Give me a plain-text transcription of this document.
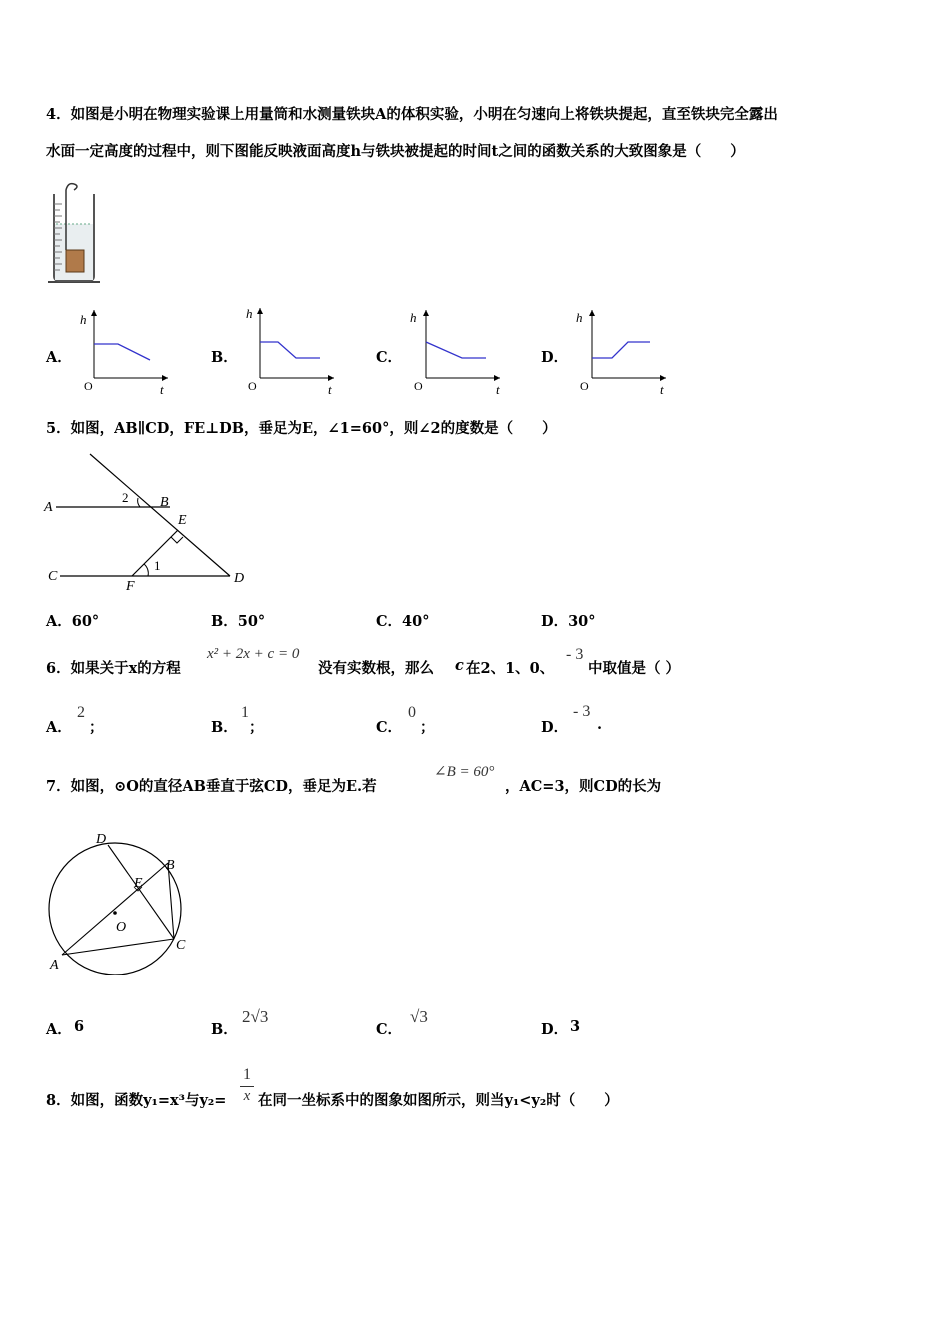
4．如图是小明在物理实验课上用量筒和水测量铁块A的体积实验，小明在匀速向上将铁块提起，直至铁块完全露出
水面一定高度的过程中，则下图能反映液面高度h与铁块被提起的时间t之间的函数关系的大致图象是（　　）
A．
h
O	t
B．
h
O	t
C．
h
O	t
D．
h
O	t
5．如图，AB∥CD，FE⊥DB，垂足为E，∠1=60°，则∠2的度数是（　　）
A	B
C	D
E
F
1
2
A．60°	B．50°	C．40°	D．30°
6．如果关于x的方程
x² + 2x + c = 0
没有实数根，那么 c 在2、1、0、
- 3
中取值是（ ）
A．
2
；	B．
1
；	C．
0
；	D．
- 3
.
7．如图，⊙O的直径AB垂直于弦CD，垂足为E.若
∠B = 60°
，AC=3，则CD的长为
A
B
C
D
E
O
A． 6	B．
2√3
C．
√3
D． 3
8．如图，函数y₁=x³与y₂=
1
x 在同一坐标系中的图象如图所示，则当y₁<y₂时（　　）
